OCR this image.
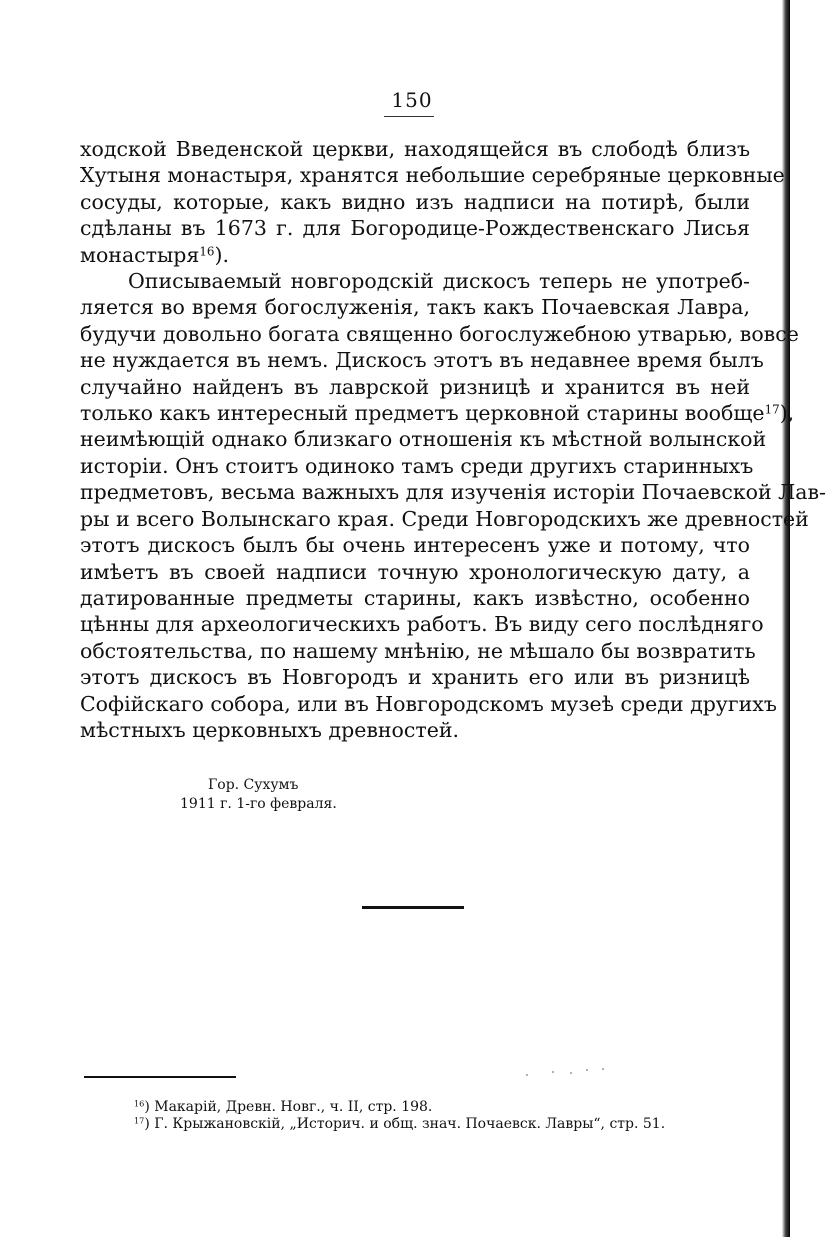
150
ходской Введенской церкви, находящейся въ слободѣ близъ
Хутыня монастыря, хранятся небольшие серебряные церковные
сосуды, которые, какъ видно изъ надписи на потирѣ, были
сдѣланы въ 1673 г. для Богородице-Рождественскаго Лисья
монастыря$^{16}$).
Описываемый новгородскій дискосъ теперь не употреб-
ляется во время богослуженія, такъ какъ Почаевская Лавра,
будучи довольно богата священно богослужебною утварью, вовсе
не нуждается въ немъ. Дискосъ этотъ въ недавнее время былъ
случайно найденъ въ лаврской ризницѣ и хранится въ ней
только какъ интересный предметъ церковной старины вообще$^{17}$),
неимѣющій однако близкаго отношенія къ мѣстной волынской
исторіи. Онъ стоитъ одиноко тамъ среди другихъ старинныхъ
предметовъ, весьма важныхъ для изученія исторіи Почаевской Лав-
ры и всего Волынскаго края. Среди Новгородскихъ же древностей
этотъ дискосъ былъ бы очень интересенъ уже и потому, что
имѣетъ въ своей надписи точную хронологическую дату, а
датированные предметы старины, какъ извѣстно, особенно
цѣнны для археологическихъ работъ. Въ виду сего послѣдняго
обстоятельства, по нашему мнѣнію, не мѣшало бы возвратить
этотъ дискосъ въ Новгородъ и хранить его или въ ризницѣ
Софійскаго собора, или въ Новгородскомъ музеѣ среди другихъ
мѣстныхъ церковныхъ древностей.
Гор. Сухумъ
1911 г. 1-го февраля.
$^{16}$) Макарій, Древн. Новг., ч. II, стр. 198.
$^{17}$) Г. Крыжановскій, „Историч. и общ. знач. Почаевск. Лавры“, стр. 51.
